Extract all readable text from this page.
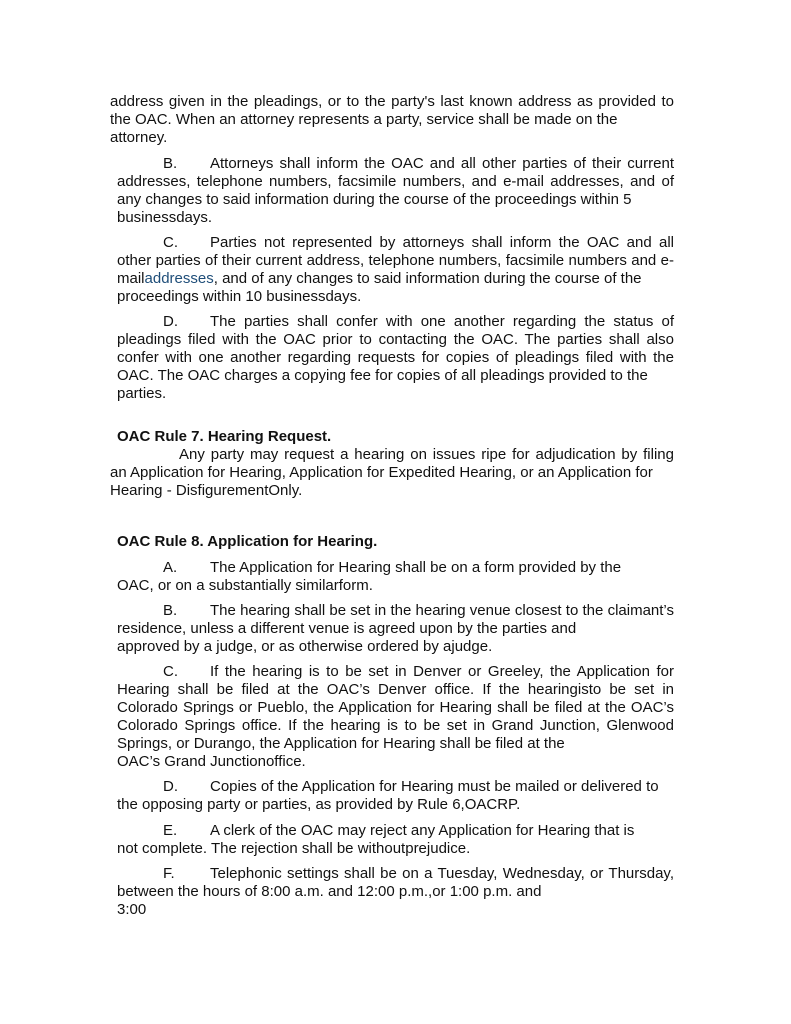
address given in the pleadings, or to the party's last known address as provided to the OAC. When an attorney represents a party, service shall be made on the
attorney.

B. Attorneys shall inform the OAC and all other parties of their current addresses, telephone numbers, facsimile numbers, and e-mail addresses, and of any changes to said information during the course of the proceedings within 5
businessdays.

C. Parties not represented by attorneys shall inform the OAC and all other parties of their current address, telephone numbers, facsimile numbers and e-mailaddresses, and of any changes to said information during the course of the
proceedings within 10 businessdays.

D. The parties shall confer with one another regarding the status of pleadings filed with the OAC prior to contacting the OAC. The parties shall also confer with one another regarding requests for copies of pleadings filed with the OAC. The OAC charges a copying fee for copies of all pleadings provided to the
parties.

OAC Rule 7. Hearing Request.

Any party may request a hearing on issues ripe for adjudication by filing an Application for Hearing, Application for Expedited Hearing, or an Application for
Hearing - DisfigurementOnly.

OAC Rule 8. Application for Hearing.

A. The Application for Hearing shall be on a form provided by the
OAC, or on a substantially similarform.

B. The hearing shall be set in the hearing venue closest to the claimant’s residence, unless a different venue is agreed upon by the parties and
approved by a judge, or as otherwise ordered by ajudge.

C. If the hearing is to be set in Denver or Greeley, the Application for Hearing shall be filed at the OAC’s Denver office. If the hearingisto be set in Colorado Springs or Pueblo, the Application for Hearing shall be filed at the OAC’s Colorado Springs office. If the hearing is to be set in Grand Junction, Glenwood Springs, or Durango, the Application for Hearing shall be filed at the
OAC’s Grand Junctionoffice.

D. Copies of the Application for Hearing must be mailed or delivered to
the opposing party or parties, as provided by Rule 6,OACRP.

E. A clerk of the OAC may reject any Application for Hearing that is
not complete. The rejection shall be withoutprejudice.

F. Telephonic settings shall be on a Tuesday, Wednesday, or Thursday, between the hours of 8:00 a.m. and 12:00 p.m.,or 1:00 p.m. and
3:00
